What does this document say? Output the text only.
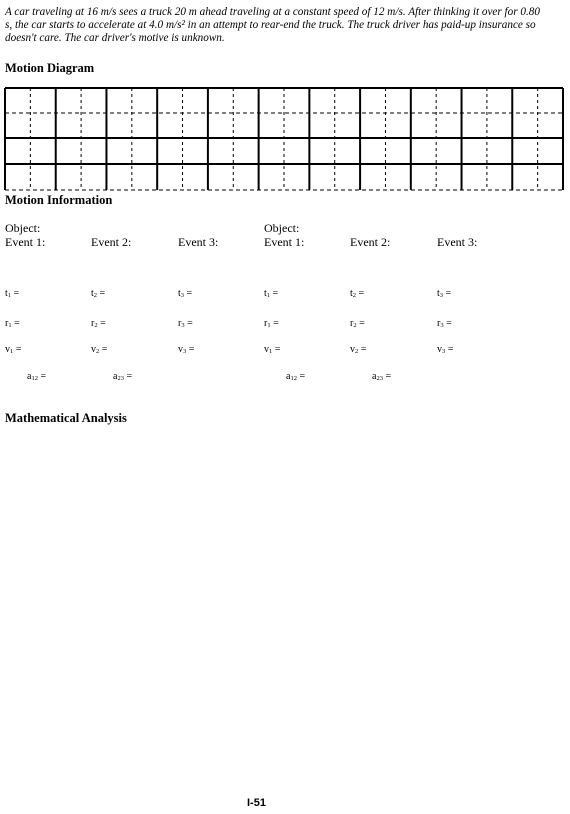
A car traveling at 16 m/s sees a truck 20 m ahead traveling at a constant speed of 12 m/s. After thinking it over for 0.80 s, the car starts to accelerate at 4.0 m/s² in an attempt to rear-end the truck. The truck driver has paid-up insurance so doesn't care. The car driver's motive is unknown.
Motion Diagram
Motion Information
Object:
Event 1:	Event 2:	Event 3:
$t_1$ =	$t_2$ =	$t_3$ =
$r_1$ =	$r_2$ =	$r_3$ =
$v_1$ =	$v_2$ =	$v_3$ =
$a_{12}$ =	$a_{23}$ =
Object:
Event 1:	Event 2:	Event 3:
$t_1$ =	$t_2$ =	$t_3$ =
$r_1$ =	$r_2$ =	$r_3$ =
$v_1$ =	$v_2$ =	$v_3$ =
$a_{12}$ =	$a_{23}$ =
Mathematical Analysis
I-51
